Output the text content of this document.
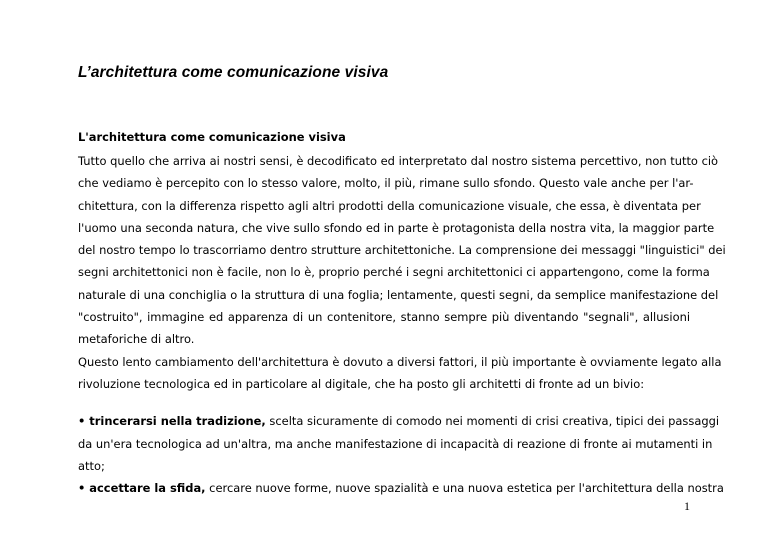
L’architettura come comunicazione visiva
L'architettura come comunicazione visiva

Tutto quello che arriva ai nostri sensi, è decodificato ed interpretato dal nostro sistema percettivo, non tutto ciò
che vediamo è percepito con lo stesso valore, molto, il più, rimane sullo sfondo. Questo vale anche per l'ar-
chitettura, con la differenza rispetto agli altri prodotti della comunicazione visuale, che essa, è diventata per
l'uomo una seconda natura, che vive sullo sfondo ed in parte è protagonista della nostra vita, la maggior parte
del nostro tempo lo trascorriamo dentro strutture architettoniche. La comprensione dei messaggi "linguistici" dei
segni architettonici non è facile, non lo è, proprio perché i segni architettonici ci appartengono, come la forma
naturale di una conchiglia o la struttura di una foglia; lentamente, questi segni, da semplice manifestazione del
"costruito", immagine ed apparenza di un contenitore, stanno sempre più diventando "segnali", allusioni
metaforiche di altro.

Questo lento cambiamento dell'architettura è dovuto a diversi fattori, il più importante è ovviamente legato alla
rivoluzione tecnologica ed in particolare al digitale, che ha posto gli architetti di fronte ad un bivio:

• trincerarsi nella tradizione, scelta sicuramente di comodo nei momenti di crisi creativa, tipici dei passaggi
da un'era tecnologica ad un'altra, ma anche manifestazione di incapacità di reazione di fronte ai mutamenti in
atto;

• accettare la sfida, cercare nuove forme, nuove spazialità e una nuova estetica per l'architettura della nostra

1
